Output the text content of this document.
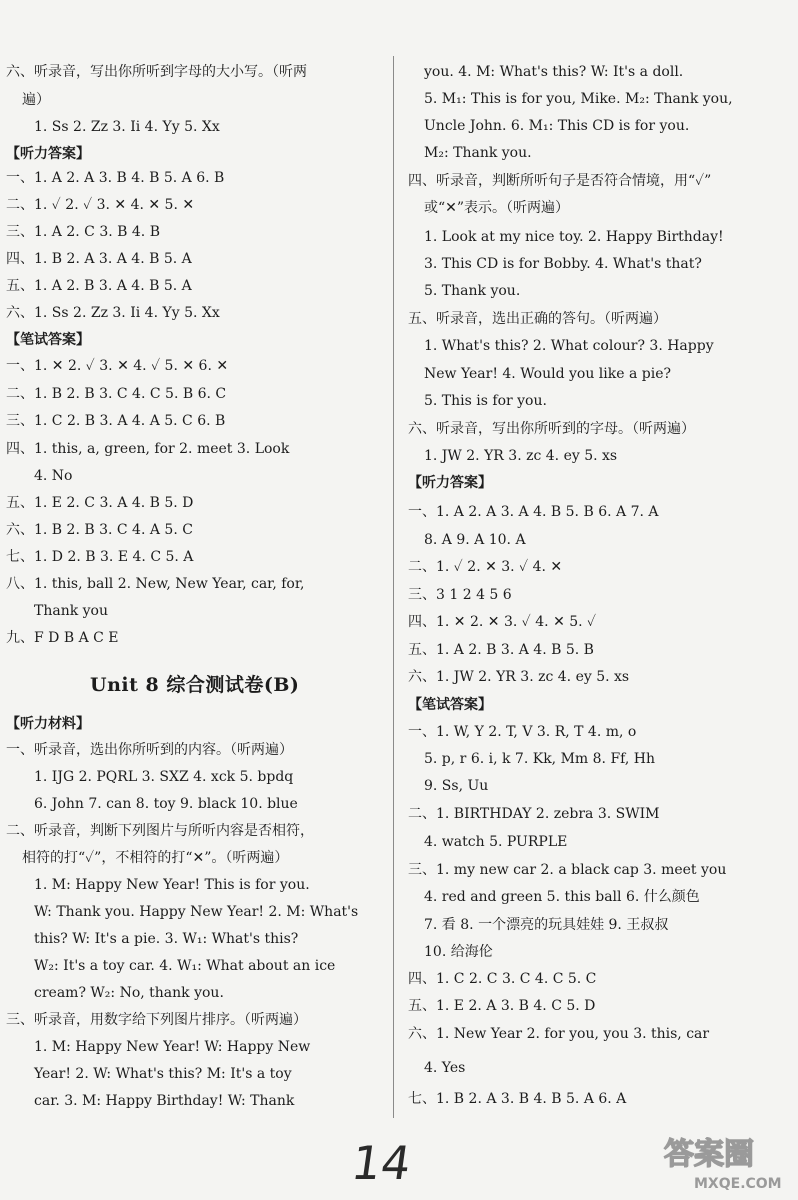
六、听录音，写出你所听到字母的大小写。（听两
遍）
1. Ss 2. Zz 3. Ii 4. Yy 5. Xx
【听力答案】
一、1. A 2. A 3. B 4. B 5. A 6. B
二、1. ✓ 2. ✓ 3. ✕ 4. ✕ 5. ✕
三、1. A 2. C 3. B 4. B
四、1. B 2. A 3. A 4. B 5. A
五、1. A 2. B 3. A 4. B 5. A
六、1. Ss 2. Zz 3. Ii 4. Yy 5. Xx
【笔试答案】
一、1. ✕ 2. ✓ 3. ✕ 4. ✓ 5. ✕ 6. ✕
二、1. B 2. B 3. C 4. C 5. B 6. C
三、1. C 2. B 3. A 4. A 5. C 6. B
四、1. this, a, green, for 2. meet 3. Look
4. No
五、1. E 2. C 3. A 4. B 5. D
六、1. B 2. B 3. C 4. A 5. C
七、1. D 2. B 3. E 4. C 5. A
八、1. this, ball 2. New, New Year, car, for,
Thank you
九、F D B A C E
Unit 8 综合测试卷(B)
【听力材料】
一、听录音，选出你所听到的内容。（听两遍）
1. IJG 2. PQRL 3. SXZ 4. xck 5. bpdq
6. John 7. can 8. toy 9. black 10. blue
二、听录音，判断下列图片与所听内容是否相符，
相符的打“✓”，不相符的打“✕”。（听两遍）
1. M: Happy New Year! This is for you.
W: Thank you. Happy New Year! 2. M: What's
this? W: It's a pie. 3. W₁: What's this?
W₂: It's a toy car. 4. W₁: What about an ice
cream? W₂: No, thank you.
三、听录音，用数字给下列图片排序。（听两遍）
1. M: Happy New Year! W: Happy New
Year! 2. W: What's this? M: It's a toy
car. 3. M: Happy Birthday! W: Thank
you. 4. M: What's this? W: It's a doll.
5. M₁: This is for you, Mike. M₂: Thank you,
Uncle John. 6. M₁: This CD is for you.
M₂: Thank you.
四、听录音，判断所听句子是否符合情境，用“✓”
或“✕”表示。（听两遍）
1. Look at my nice toy. 2. Happy Birthday!
3. This CD is for Bobby. 4. What's that?
5. Thank you.
五、听录音，选出正确的答句。（听两遍）
1. What's this? 2. What colour? 3. Happy
New Year! 4. Would you like a pie?
5. This is for you.
六、听录音，写出你所听到的字母。（听两遍）
1. JW 2. YR 3. zc 4. ey 5. xs
【听力答案】
一、1. A 2. A 3. A 4. B 5. B 6. A 7. A
8. A 9. A 10. A
二、1. ✓ 2. ✕ 3. ✓ 4. ✕
三、3 1 2 4 5 6
四、1. ✕ 2. ✕ 3. ✓ 4. ✕ 5. ✓
五、1. A 2. B 3. A 4. B 5. B
六、1. JW 2. YR 3. zc 4. ey 5. xs
【笔试答案】
一、1. W, Y 2. T, V 3. R, T 4. m, o
5. p, r 6. i, k 7. Kk, Mm 8. Ff, Hh
9. Ss, Uu
二、1. BIRTHDAY 2. zebra 3. SWIM
4. watch 5. PURPLE
三、1. my new car 2. a black cap 3. meet you
4. red and green 5. this ball 6. 什么颜色
7. 看 8. 一个漂亮的玩具娃娃 9. 王叔叔
10. 给海伦
四、1. C 2. C 3. C 4. C 5. C
五、1. E 2. A 3. B 4. C 5. D
六、1. New Year 2. for you, you 3. this, car
4. Yes
七、1. B 2. A 3. B 4. B 5. A 6. A
14	答案圈
MXQE.COM
